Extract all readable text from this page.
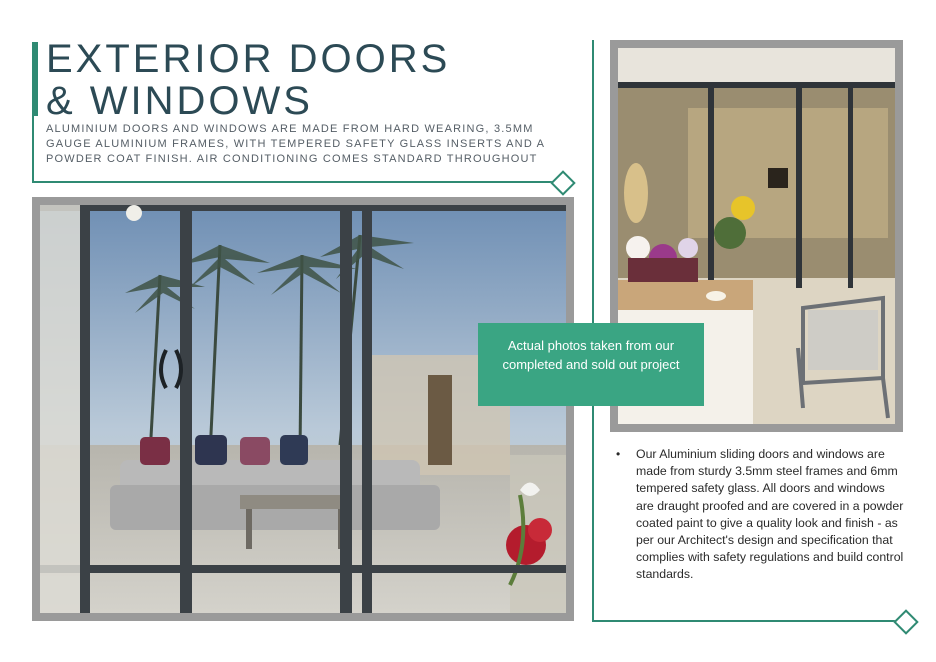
EXTERIOR DOORS
& WINDOWS

ALUMINIUM DOORS AND WINDOWS ARE MADE FROM HARD WEARING, 3.5MM GAUGE ALUMINIUM FRAMES, WITH TEMPERED SAFETY GLASS INSERTS AND A POWDER COAT FINISH. AIR CONDITIONING COMES STANDARD THROUGHOUT

Actual photos taken from our
completed and sold out project
• Our Aluminium sliding doors and windows are made from sturdy 3.5mm steel frames and 6mm tempered safety glass. All doors and windows are draught proofed and are covered in a powder coated paint to give a quality look and finish - as per our Architect's design and specification that complies with safety regulations and build control standards.
